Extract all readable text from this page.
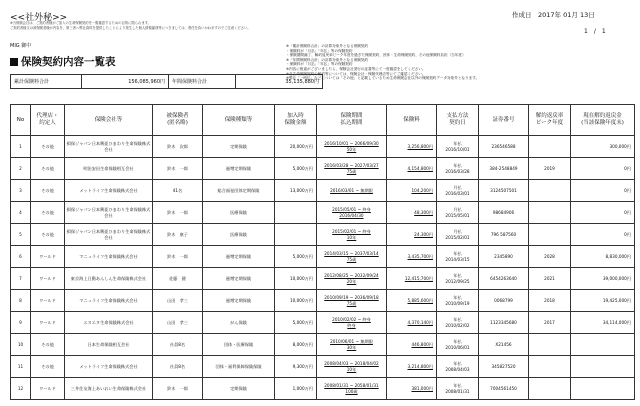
<<社外秘>>	作成日　2017年 01月 13日
1　/　1
※当保険会社は、ご契約者様がご加入の生命保険契約を一覧確認するための目的に限られます。
ご契約者様又は被保険者様が内容を、第三者へ弊社資料を提供したことにより発生した個人情報漏洩等につきましては、責任を負いかねますのでご注意ください。
MIG 御中
保険契約内容一覧表
※「累計保険料合計」の計算対象外となる保険契約
・保険料が「月払」「年払」等の保険契約
・保険期間満了、解約返戻率ピーク年度を過ぎた保険契約、団体・生命保険契約、その他保険料負担（当年度）
※「年間保険料合計」の計算対象外となる保険契約
・保険料が「月払」「年払」等の保険契約
※内容に相違がございましたら、保険会社発行の証書等にて一度確認をしてください。
※各生命保険契約の解約等については、保険会社・保険代理店等にてご確認ください。
※弊社「一時払」などについては「その他」と記載しているため生命保険会社以外の保険契約データ対象外となります。
累計保険料合計	156,085,960円	年間保険料合計	35,135,880円
No	代理店・
約定人	保険会社等	被保険者
(匿名略)	保険種類等	加入時
保険金額	保険期間
払込期間	保険料	支払方法
契約日	証券番号	解約返戻率
ピーク年度	現在解約返戻金
(当該保険年度末)
1	その他	損保ジャパン日本興亜ひまわり生命保険株式会社	鈴木　次郎	定期保険	20,000万円	2016/10/01 ~ 2066/09/30
50年	3,256,800円	年払
2016/10/01	236546588		300,000円
2	その他	明治安田生命保険相互会社	鈴木　一郎	逓増定期保険	5,000万円	2016/03/28 ~ 2027/03/27
75歳	4,154,800円	年払
2016/03/28	384-2548849	2019	0円
3	その他	メットライフ生命保険株式会社	41名	総合福祉団体定期保険	13,000万円	2016/03/01 ~ 無期限	104,200円	月払
2016/03/01	3124507501		0円
4	その他	損保ジャパン日本興亜ひまわり生命保険株式会社	鈴木　一郎	医療保険		2015/05/01 ~ 終身
2016/04/30	48,300円	月払
2015/05/01	98684906		0円
5	その他	損保ジャパン日本興亜ひまわり生命保険株式会社	鈴木　康子	医療保険		2015/02/01 ~ 終身
10年	24,300円	月払
2015/02/01	796 587560		0円
6	ワールド	マニュライフ生命保険株式会社	鈴木　一郎	逓増定期保険	5,000万円	2014/03/15 ~ 2037/03/14
75歳	3,435,700円	年払
2014/03/15	2345890	2028	8,830,000円
7	ワールド	東京海上日動あんしん生命保険株式会社	佐藤　健	逓増定期保険	10,000万円	2012/08/25 ~ 2032/09/24
20年	12,415,700円	年払
2012/09/25	6454263640	2021	39,000,000円
8	ワールド	マニュライフ生命保険株式会社	山田　孝三	逓増定期保険	10,000万円	2010/09/19 ~ 2036/09/18
75歳	5,885,600円	年払
2010/09/19	0068799	2018	19,425,000円
9	ワールド	エヌエヌ生命保険株式会社	山田　孝三	がん保険	5,000万円	2010/02/02 ~ 終身
終身	4,370,140円	年払
2010/02/02	1123345680	2017	34,114,000円
10	その他	日本生命保険相互会社	社員8名	団体・医療保険	8,000万円	2010/06/01 ~ 無期限
30年	446,800円	年払
2010/06/01	X21456		
11	その他	メットライフ生命保険株式会社	社員8名	団体・福利保障保険保険	9,300万円	2008/04/03 ~ 2018/04/02
10年	3,214,800円	年払
2008/04/03	345827520		
12	ワールド	三井住友海上あいおい生命保険株式会社	鈴木　一郎	定期保険	1,000万円	2008/01/31 ~ 2058/01/31
100歳	381,000円	年払
2008/01/31	7004561450		
